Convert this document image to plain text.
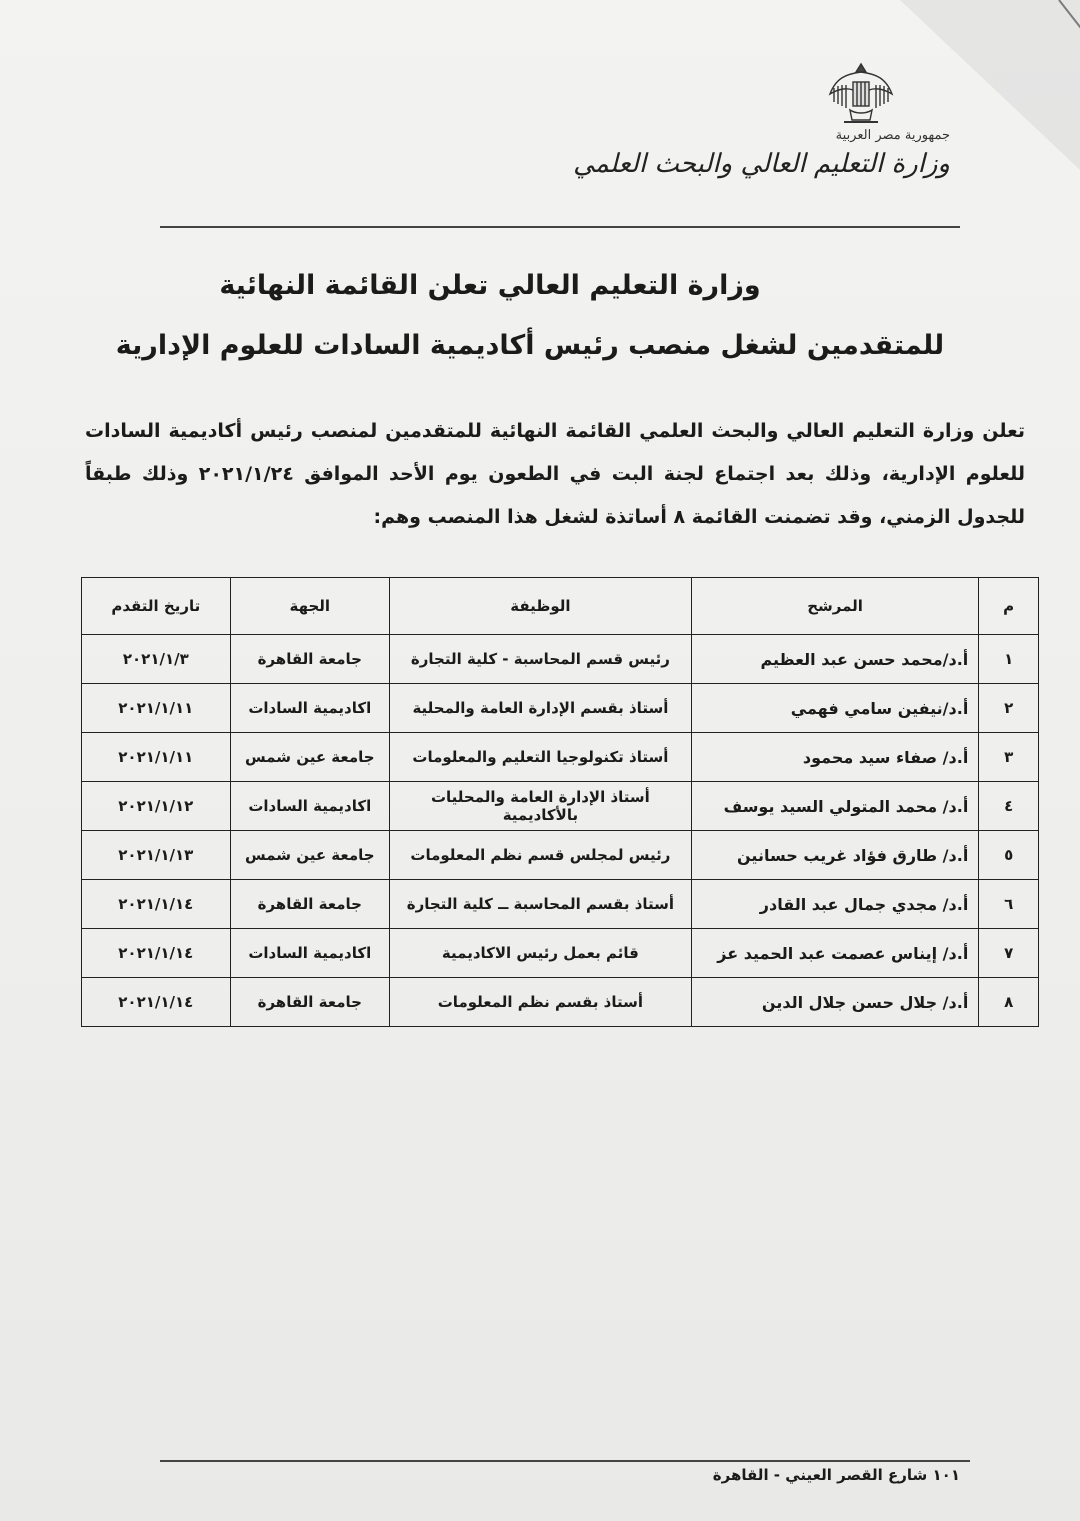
جمهورية مصر العربية
وزارة التعليم العالي والبحث العلمي
وزارة التعليم العالي تعلن القائمة النهائية
للمتقدمين لشغل منصب رئيس أكاديمية السادات للعلوم الإدارية
تعلن وزارة التعليم العالي والبحث العلمي القائمة النهائية للمتقدمين لمنصب رئيس أكاديمية السادات للعلوم الإدارية، وذلك بعد اجتماع لجنة البت في الطعون يوم الأحد الموافق ٢٠٢١/١/٢٤ وذلك طبقاً للجدول الزمني، وقد تضمنت القائمة ٨ أساتذة لشغل هذا المنصب وهم:
م	المرشح	الوظيفة	الجهة	تاريخ التقدم
١	أ.د/محمد حسن عبد العظيم	رئيس قسم المحاسبة - كلية التجارة	جامعة القاهرة	٢٠٢١/١/٣
٢	أ.د/نيفين سامي فهمي	أستاذ بقسم الإدارة العامة والمحلية	اكاديمية السادات	٢٠٢١/١/١١
٣	أ.د/ صفاء سيد محمود	أستاذ تكنولوجيا التعليم والمعلومات	جامعة عين شمس	٢٠٢١/١/١١
٤	أ.د/ محمد المتولي السيد يوسف	أستاذ الإدارة العامة والمحليات بالأكاديمية	اكاديمية السادات	٢٠٢١/١/١٢
٥	أ.د/ طارق فؤاد غريب حسانين	رئيس لمجلس قسم نظم المعلومات	جامعة عين شمس	٢٠٢١/١/١٣
٦	أ.د/ مجدي جمال عبد القادر	أستاذ بقسم المحاسبة ــ كلية التجارة	جامعة القاهرة	٢٠٢١/١/١٤
٧	أ.د/ إيناس عصمت عبد الحميد عز	قائم بعمل رئيس الاكاديمية	اكاديمية السادات	٢٠٢١/١/١٤
٨	أ.د/ جلال حسن جلال الدين	أستاذ بقسم نظم المعلومات	جامعة القاهرة	٢٠٢١/١/١٤
١٠١ شارع القصر العيني - القاهرة
